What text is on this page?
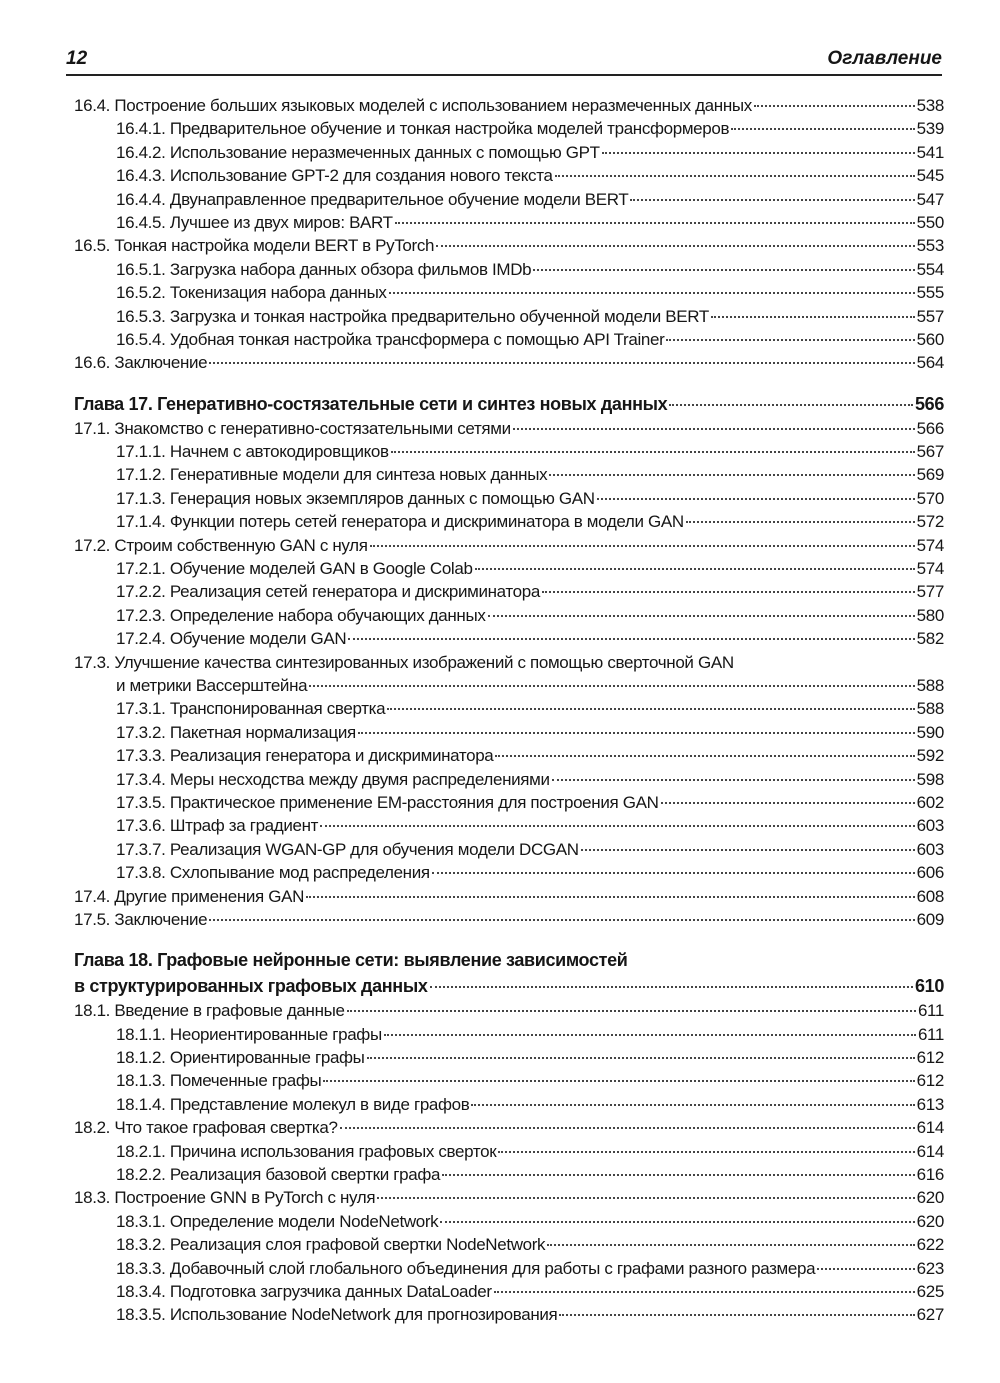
12	Оглавление
16.4. Построение больших языковых моделей с использованием неразмеченных данных	538
16.4.1. Предварительное обучение и тонкая настройка моделей трансформеров	539
16.4.2. Использование неразмеченных данных с помощью GPT	541
16.4.3. Использование GPT-2 для создания нового текста	545
16.4.4. Двунаправленное предварительное обучение модели BERT	547
16.4.5. Лучшее из двух миров: BART	550
16.5. Тонкая настройка модели BERT в PyTorch	553
16.5.1. Загрузка набора данных обзора фильмов IMDb	554
16.5.2. Токенизация набора данных	555
16.5.3. Загрузка и тонкая настройка предварительно обученной модели BERT	557
16.5.4. Удобная тонкая настройка трансформера с помощью API Trainer	560
16.6. Заключение	564
Глава 17. Генеративно-состязательные сети и синтез новых данных	566
17.1. Знакомство с генеративно-состязательными сетями	566
17.1.1. Начнем с автокодировщиков	567
17.1.2. Генеративные модели для синтеза новых данных	569
17.1.3. Генерация новых экземпляров данных с помощью GAN	570
17.1.4. Функции потерь сетей генератора и дискриминатора в модели GAN	572
17.2. Строим собственную GAN с нуля	574
17.2.1. Обучение моделей GAN в Google Colab	574
17.2.2. Реализация сетей генератора и дискриминатора	577
17.2.3. Определение набора обучающих данных	580
17.2.4. Обучение модели GAN	582
17.3. Улучшение качества синтезированных изображений с помощью сверточной GAN
и метрики Вассерштейна	588
17.3.1. Транспонированная свертка	588
17.3.2. Пакетная нормализация	590
17.3.3. Реализация генератора и дискриминатора	592
17.3.4. Меры несходства между двумя распределениями	598
17.3.5. Практическое применение EM-расстояния для построения GAN	602
17.3.6. Штраф за градиент	603
17.3.7. Реализация WGAN-GP для обучения модели DCGAN	603
17.3.8. Схлопывание мод распределения	606
17.4. Другие применения GAN	608
17.5. Заключение	609
Глава 18. Графовые нейронные сети: выявление зависимостей
в структурированных графовых данных	610
18.1. Введение в графовые данные	611
18.1.1. Неориентированные графы	611
18.1.2. Ориентированные графы	612
18.1.3. Помеченные графы	612
18.1.4. Представление молекул в виде графов	613
18.2. Что такое графовая свертка?	614
18.2.1. Причина использования графовых сверток	614
18.2.2. Реализация базовой свертки графа	616
18.3. Построение GNN в PyTorch с нуля	620
18.3.1. Определение модели NodeNetwork	620
18.3.2. Реализация слоя графовой свертки NodeNetwork	622
18.3.3. Добавочный слой глобального объединения для работы с графами разного размера	623
18.3.4. Подготовка загрузчика данных DataLoader	625
18.3.5. Использование NodeNetwork для прогнозирования	627
